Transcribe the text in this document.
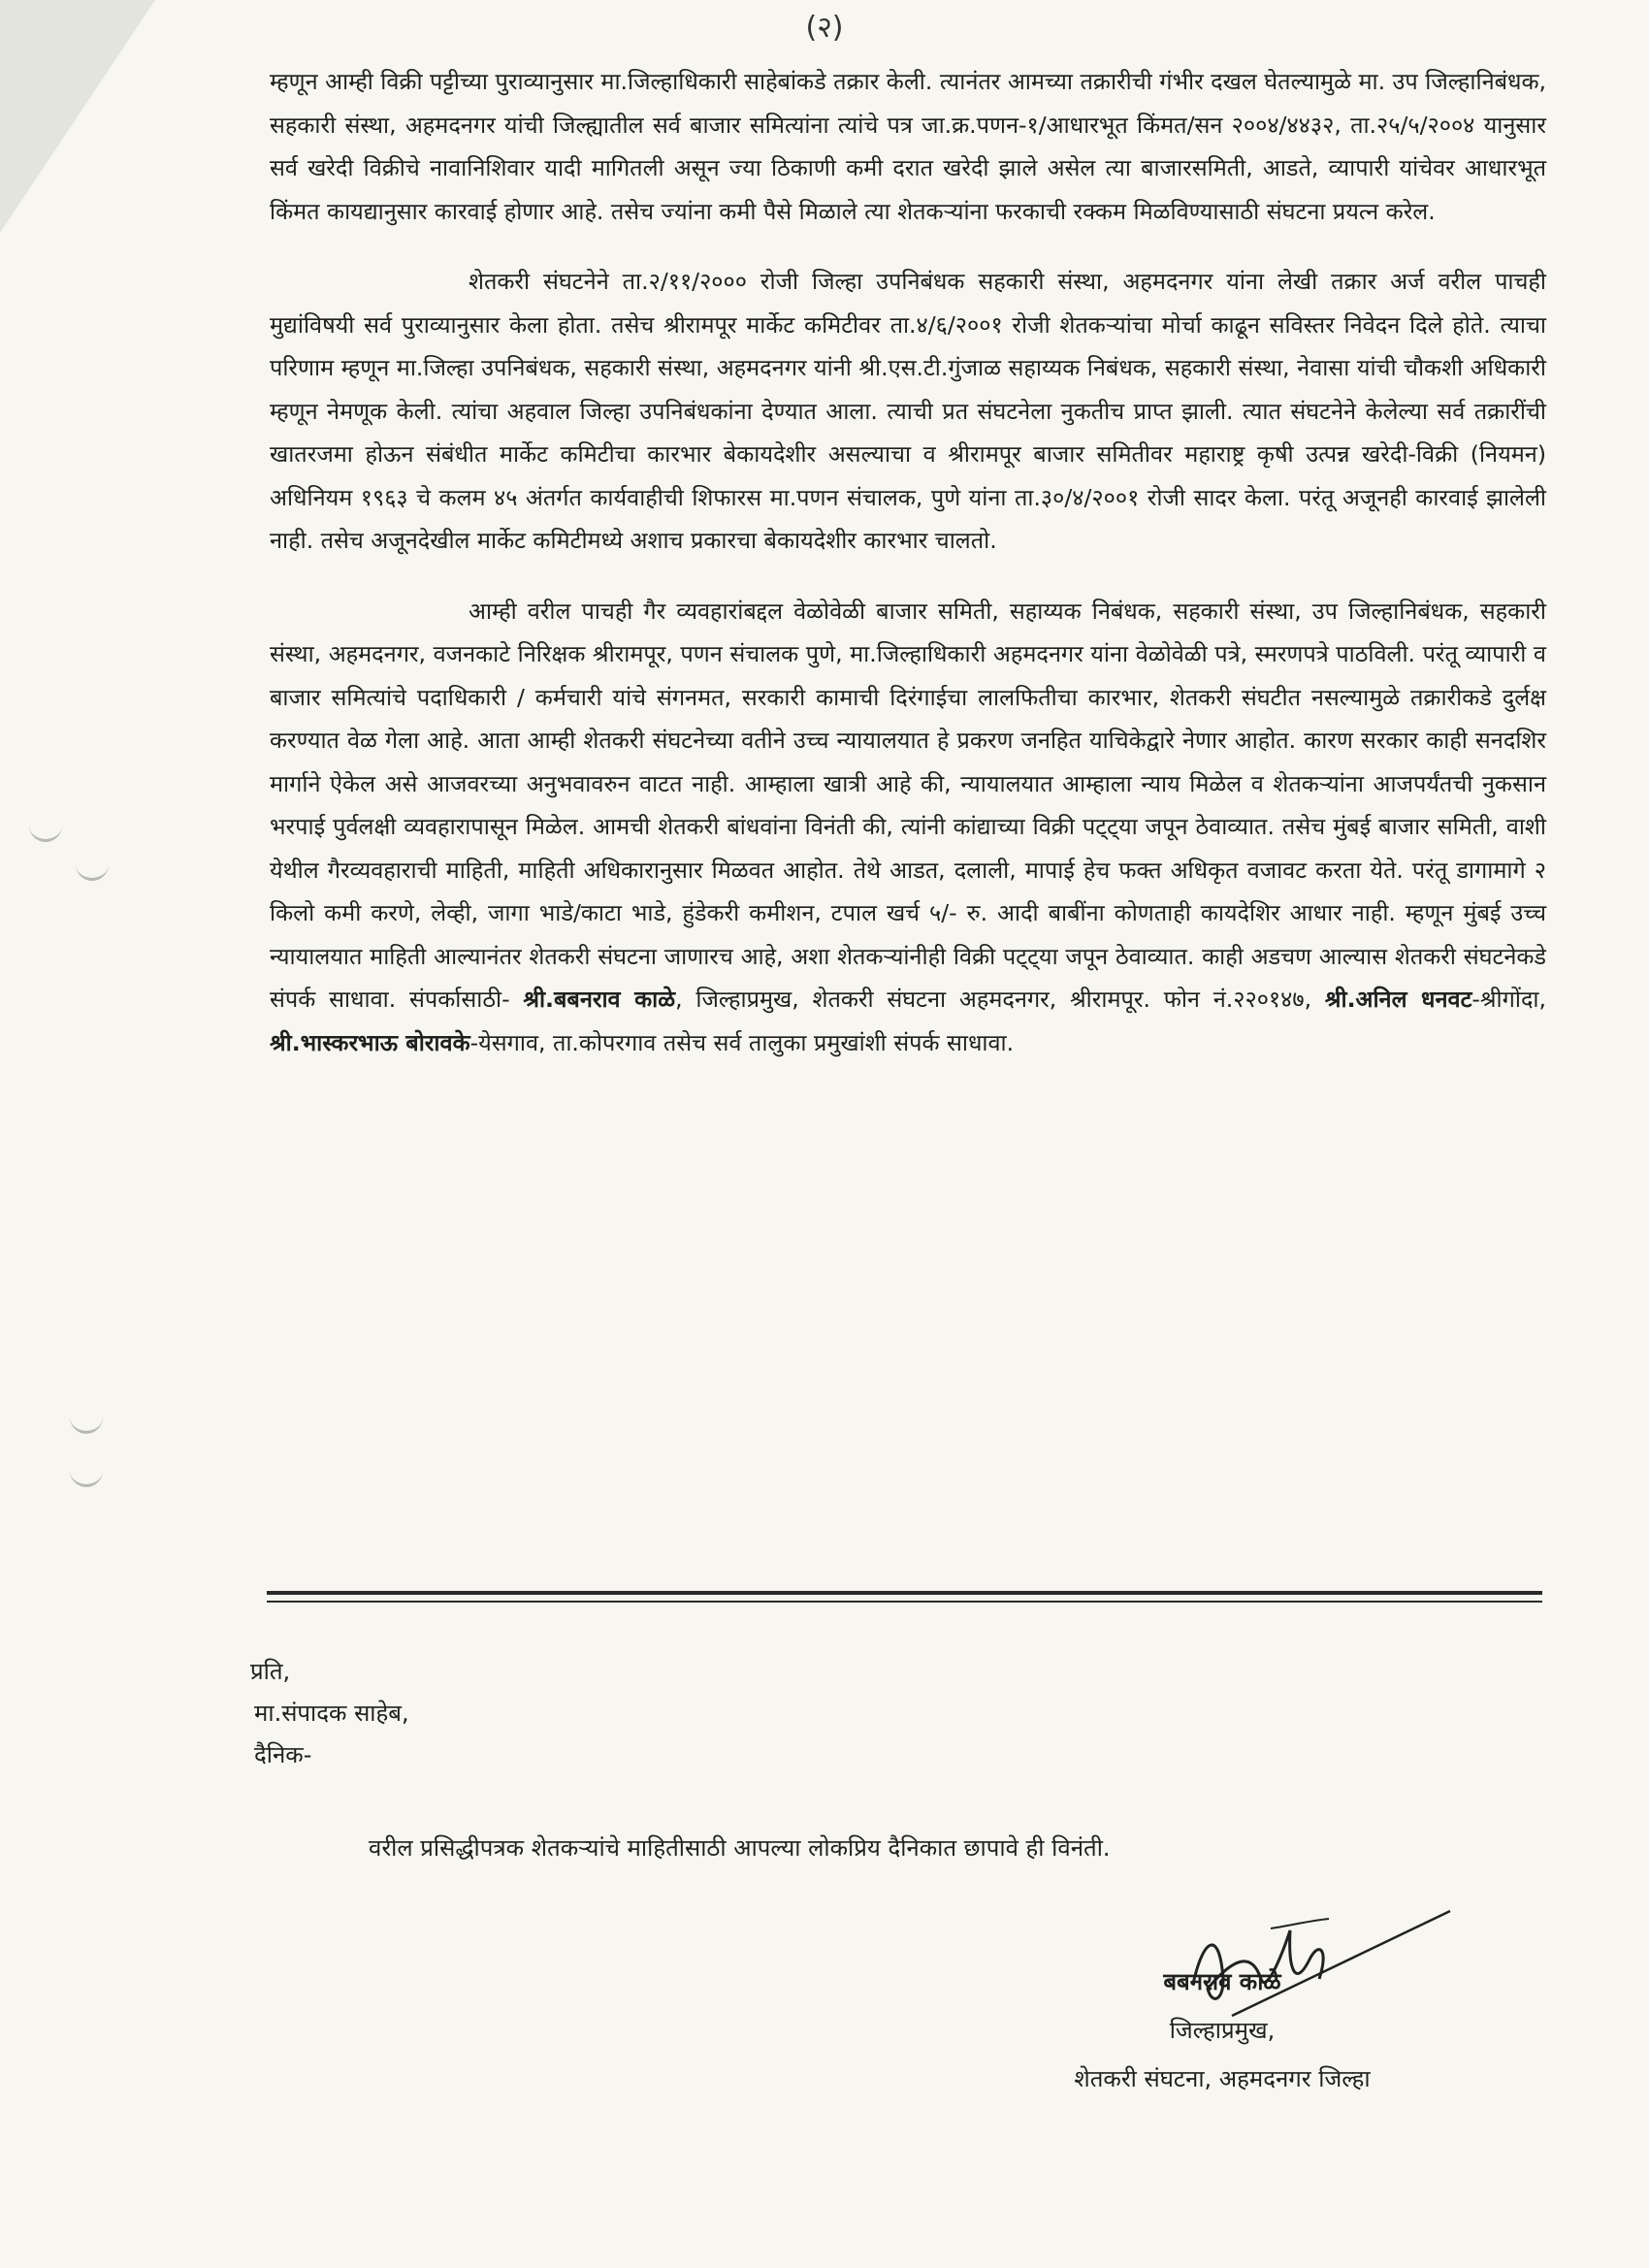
(२)

म्हणून आम्ही विक्री पट्टीच्या पुराव्यानुसार मा.जिल्हाधिकारी साहेबांकडे तक्रार केली. त्यानंतर आमच्या तक्रारीची गंभीर दखल घेतल्यामुळे मा. उप जिल्हानिबंधक, सहकारी संस्था, अहमदनगर यांची जिल्ह्यातील सर्व बाजार समित्यांना त्यांचे पत्र जा.क्र.पणन-१/आधारभूत किंमत/सन २००४/४४३२, ता.२५/५/२००४ यानुसार सर्व खरेदी विक्रीचे नावानिशिवार यादी मागितली असून ज्या ठिकाणी कमी दरात खरेदी झाले असेल त्या बाजारसमिती, आडते, व्यापारी यांचेवर आधारभूत किंमत कायद्यानुसार कारवाई होणार आहे. तसेच ज्यांना कमी पैसे मिळाले त्या शेतकऱ्यांना फरकाची रक्कम मिळविण्यासाठी संघटना प्रयत्न करेल.

शेतकरी संघटनेने ता.२/११/२००० रोजी जिल्हा उपनिबंधक सहकारी संस्था, अहमदनगर यांना लेखी तक्रार अर्ज वरील पाचही मुद्यांविषयी सर्व पुराव्यानुसार केला होता. तसेच श्रीरामपूर मार्केट कमिटीवर ता.४/६/२००१ रोजी शेतकऱ्यांचा मोर्चा काढून सविस्तर निवेदन दिले होते. त्याचा परिणाम म्हणून मा.जिल्हा उपनिबंधक, सहकारी संस्था, अहमदनगर यांनी श्री.एस.टी.गुंजाळ सहाय्यक निबंधक, सहकारी संस्था, नेवासा यांची चौकशी अधिकारी म्हणून नेमणूक केली. त्यांचा अहवाल जिल्हा उपनिबंधकांना देण्यात आला. त्याची प्रत संघटनेला नुकतीच प्राप्त झाली. त्यात संघटनेने केलेल्या सर्व तक्रारींची खातरजमा होऊन संबंधीत मार्केट कमिटीचा कारभार बेकायदेशीर असल्याचा व श्रीरामपूर बाजार समितीवर महाराष्ट्र कृषी उत्पन्न खरेदी-विक्री (नियमन) अधिनियम १९६३ चे कलम ४५ अंतर्गत कार्यवाहीची शिफारस मा.पणन संचालक, पुणे यांना ता.३०/४/२००१ रोजी सादर केला. परंतू अजूनही कारवाई झालेली नाही. तसेच अजूनदेखील मार्केट कमिटीमध्ये अशाच प्रकारचा बेकायदेशीर कारभार चालतो.

आम्ही वरील पाचही गैर व्यवहारांबद्दल वेळोवेळी बाजार समिती, सहाय्यक निबंधक, सहकारी संस्था, उप जिल्हानिबंधक, सहकारी संस्था, अहमदनगर, वजनकाटे निरिक्षक श्रीरामपूर, पणन संचालक पुणे, मा.जिल्हाधिकारी अहमदनगर यांना वेळोवेळी पत्रे, स्मरणपत्रे पाठविली. परंतू व्यापारी व बाजार समित्यांचे पदाधिकारी / कर्मचारी यांचे संगनमत, सरकारी कामाची दिरंगाईचा लालफितीचा कारभार, शेतकरी संघटीत नसल्यामुळे तक्रारीकडे दुर्लक्ष करण्यात वेळ गेला आहे. आता आम्ही शेतकरी संघटनेच्या वतीने उच्च न्यायालयात हे प्रकरण जनहित याचिकेद्वारे नेणार आहोत. कारण सरकार काही सनदशिर मार्गाने ऐकेल असे आजवरच्या अनुभवावरुन वाटत नाही. आम्हाला खात्री आहे की, न्यायालयात आम्हाला न्याय मिळेल व शेतकऱ्यांना आजपर्यंतची नुकसान भरपाई पुर्वलक्षी व्यवहारापासून मिळेल. आमची शेतकरी बांधवांना विनंती की, त्यांनी कांद्याच्या विक्री पट्ट्या जपून ठेवाव्यात. तसेच मुंबई बाजार समिती, वाशी येथील गैरव्यवहाराची माहिती, माहिती अधिकारानुसार मिळवत आहोत. तेथे आडत, दलाली, मापाई हेच फक्त अधिकृत वजावट करता येते. परंतू डागामागे २ किलो कमी करणे, लेव्ही, जागा भाडे/काटा भाडे, हुंडेकरी कमीशन, टपाल खर्च ५/- रु. आदी बाबींना कोणताही कायदेशिर आधार नाही. म्हणून मुंबई उच्च न्यायालयात माहिती आल्यानंतर शेतकरी संघटना जाणारच आहे, अशा शेतकऱ्यांनीही विक्री पट्ट्या जपून ठेवाव्यात. काही अडचण आल्यास शेतकरी संघटनेकडे संपर्क साधावा. संपर्कासाठी- श्री.बबनराव काळे, जिल्हाप्रमुख, शेतकरी संघटना अहमदनगर, श्रीरामपूर. फोन नं.२२०१४७, श्री.अनिल धनवट-श्रीगोंदा, श्री.भास्करभाऊ बोरावके-येसगाव, ता.कोपरगाव तसेच सर्व तालुका प्रमुखांशी संपर्क साधावा.

प्रति,
मा.संपादक साहेब,
दैनिक-
वरील प्रसिद्धीपत्रक शेतकऱ्यांचे माहितीसाठी आपल्या लोकप्रिय दैनिकात छापावे ही विनंती.
बबनराव काळे
जिल्हाप्रमुख,
शेतकरी संघटना, अहमदनगर जिल्हा
